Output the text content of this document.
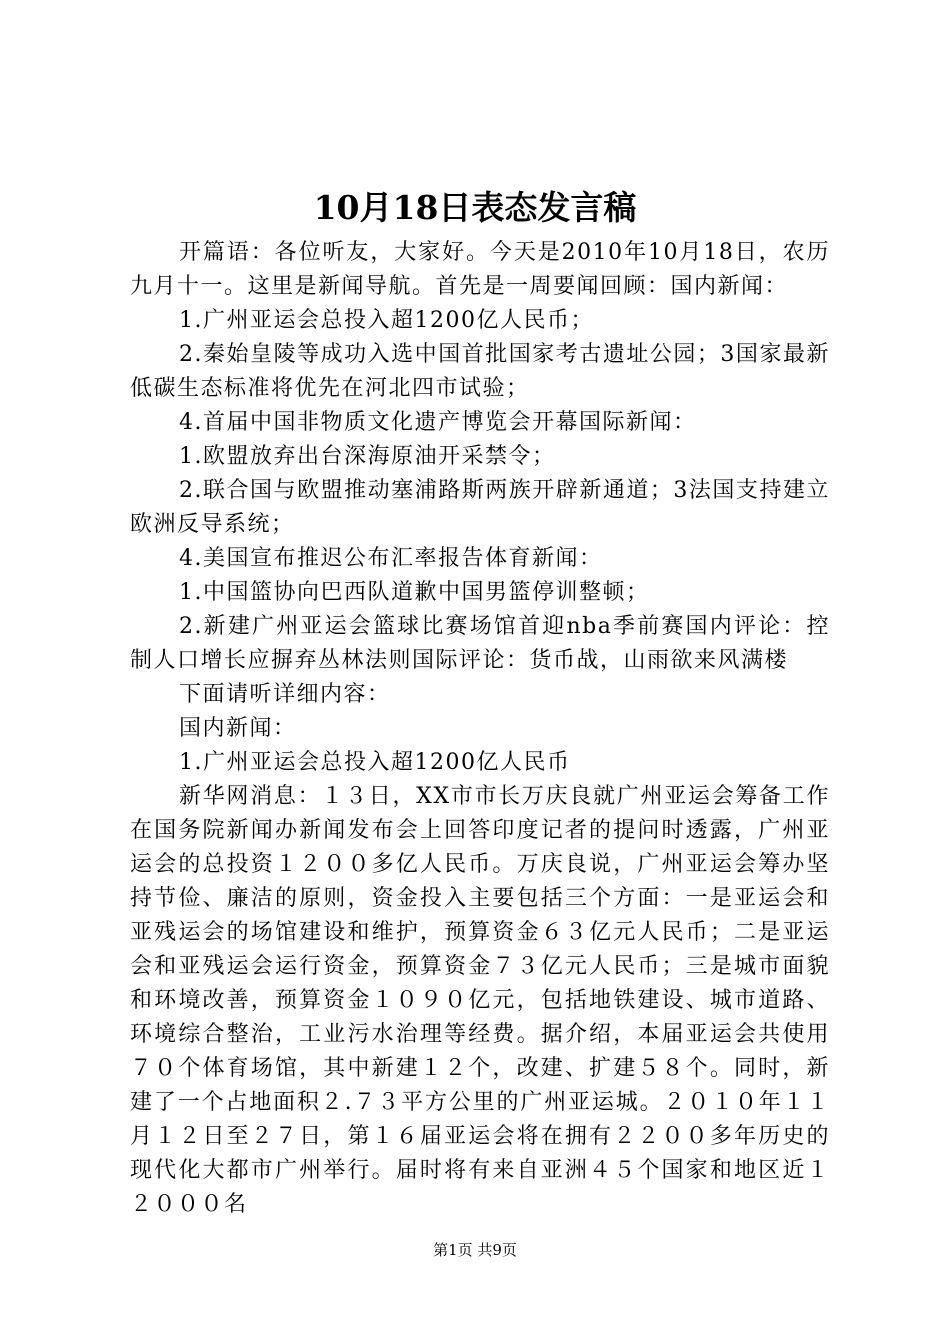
10月18日表态发言稿

开篇语：各位听友，大家好。今天是2010年10月18日，农历九月十一。这里是新闻导航。首先是一周要闻回顾：国内新闻：

1.广州亚运会总投入超1200亿人民币；

2.秦始皇陵等成功入选中国首批国家考古遗址公园；3国家最新低碳生态标准将优先在河北四市试验；

4.首届中国非物质文化遗产博览会开幕国际新闻：

1.欧盟放弃出台深海原油开采禁令；

2.联合国与欧盟推动塞浦路斯两族开辟新通道；3法国支持建立欧洲反导系统；

4.美国宣布推迟公布汇率报告体育新闻：

1.中国篮协向巴西队道歉中国男篮停训整顿；

2.新建广州亚运会篮球比赛场馆首迎nba季前赛国内评论：控制人口增长应摒弃丛林法则国际评论：货币战，山雨欲来风满楼

下面请听详细内容：

国内新闻：

1.广州亚运会总投入超1200亿人民币

新华网消息：１３日，XX市市长万庆良就广州亚运会筹备工作在国务院新闻办新闻发布会上回答印度记者的提问时透露，广州亚运会的总投资１２００多亿人民币。万庆良说，广州亚运会筹办坚持节俭、廉洁的原则，资金投入主要包括三个方面：一是亚运会和亚残运会的场馆建设和维护，预算资金６３亿元人民币；二是亚运会和亚残运会运行资金，预算资金７３亿元人民币；三是城市面貌和环境改善，预算资金１０９０亿元，包括地铁建设、城市道路、环境综合整治，工业污水治理等经费。据介绍，本届亚运会共使用７０个体育场馆，其中新建１２个，改建、扩建５８个。同时，新建了一个占地面积２.７３平方公里的广州亚运城。２０１０年１１月１２日至２７日，第１６届亚运会将在拥有２２００多年历史的现代化大都市广州举行。届时将有来自亚洲４５个国家和地区近１２０００名

第1页 共9页
